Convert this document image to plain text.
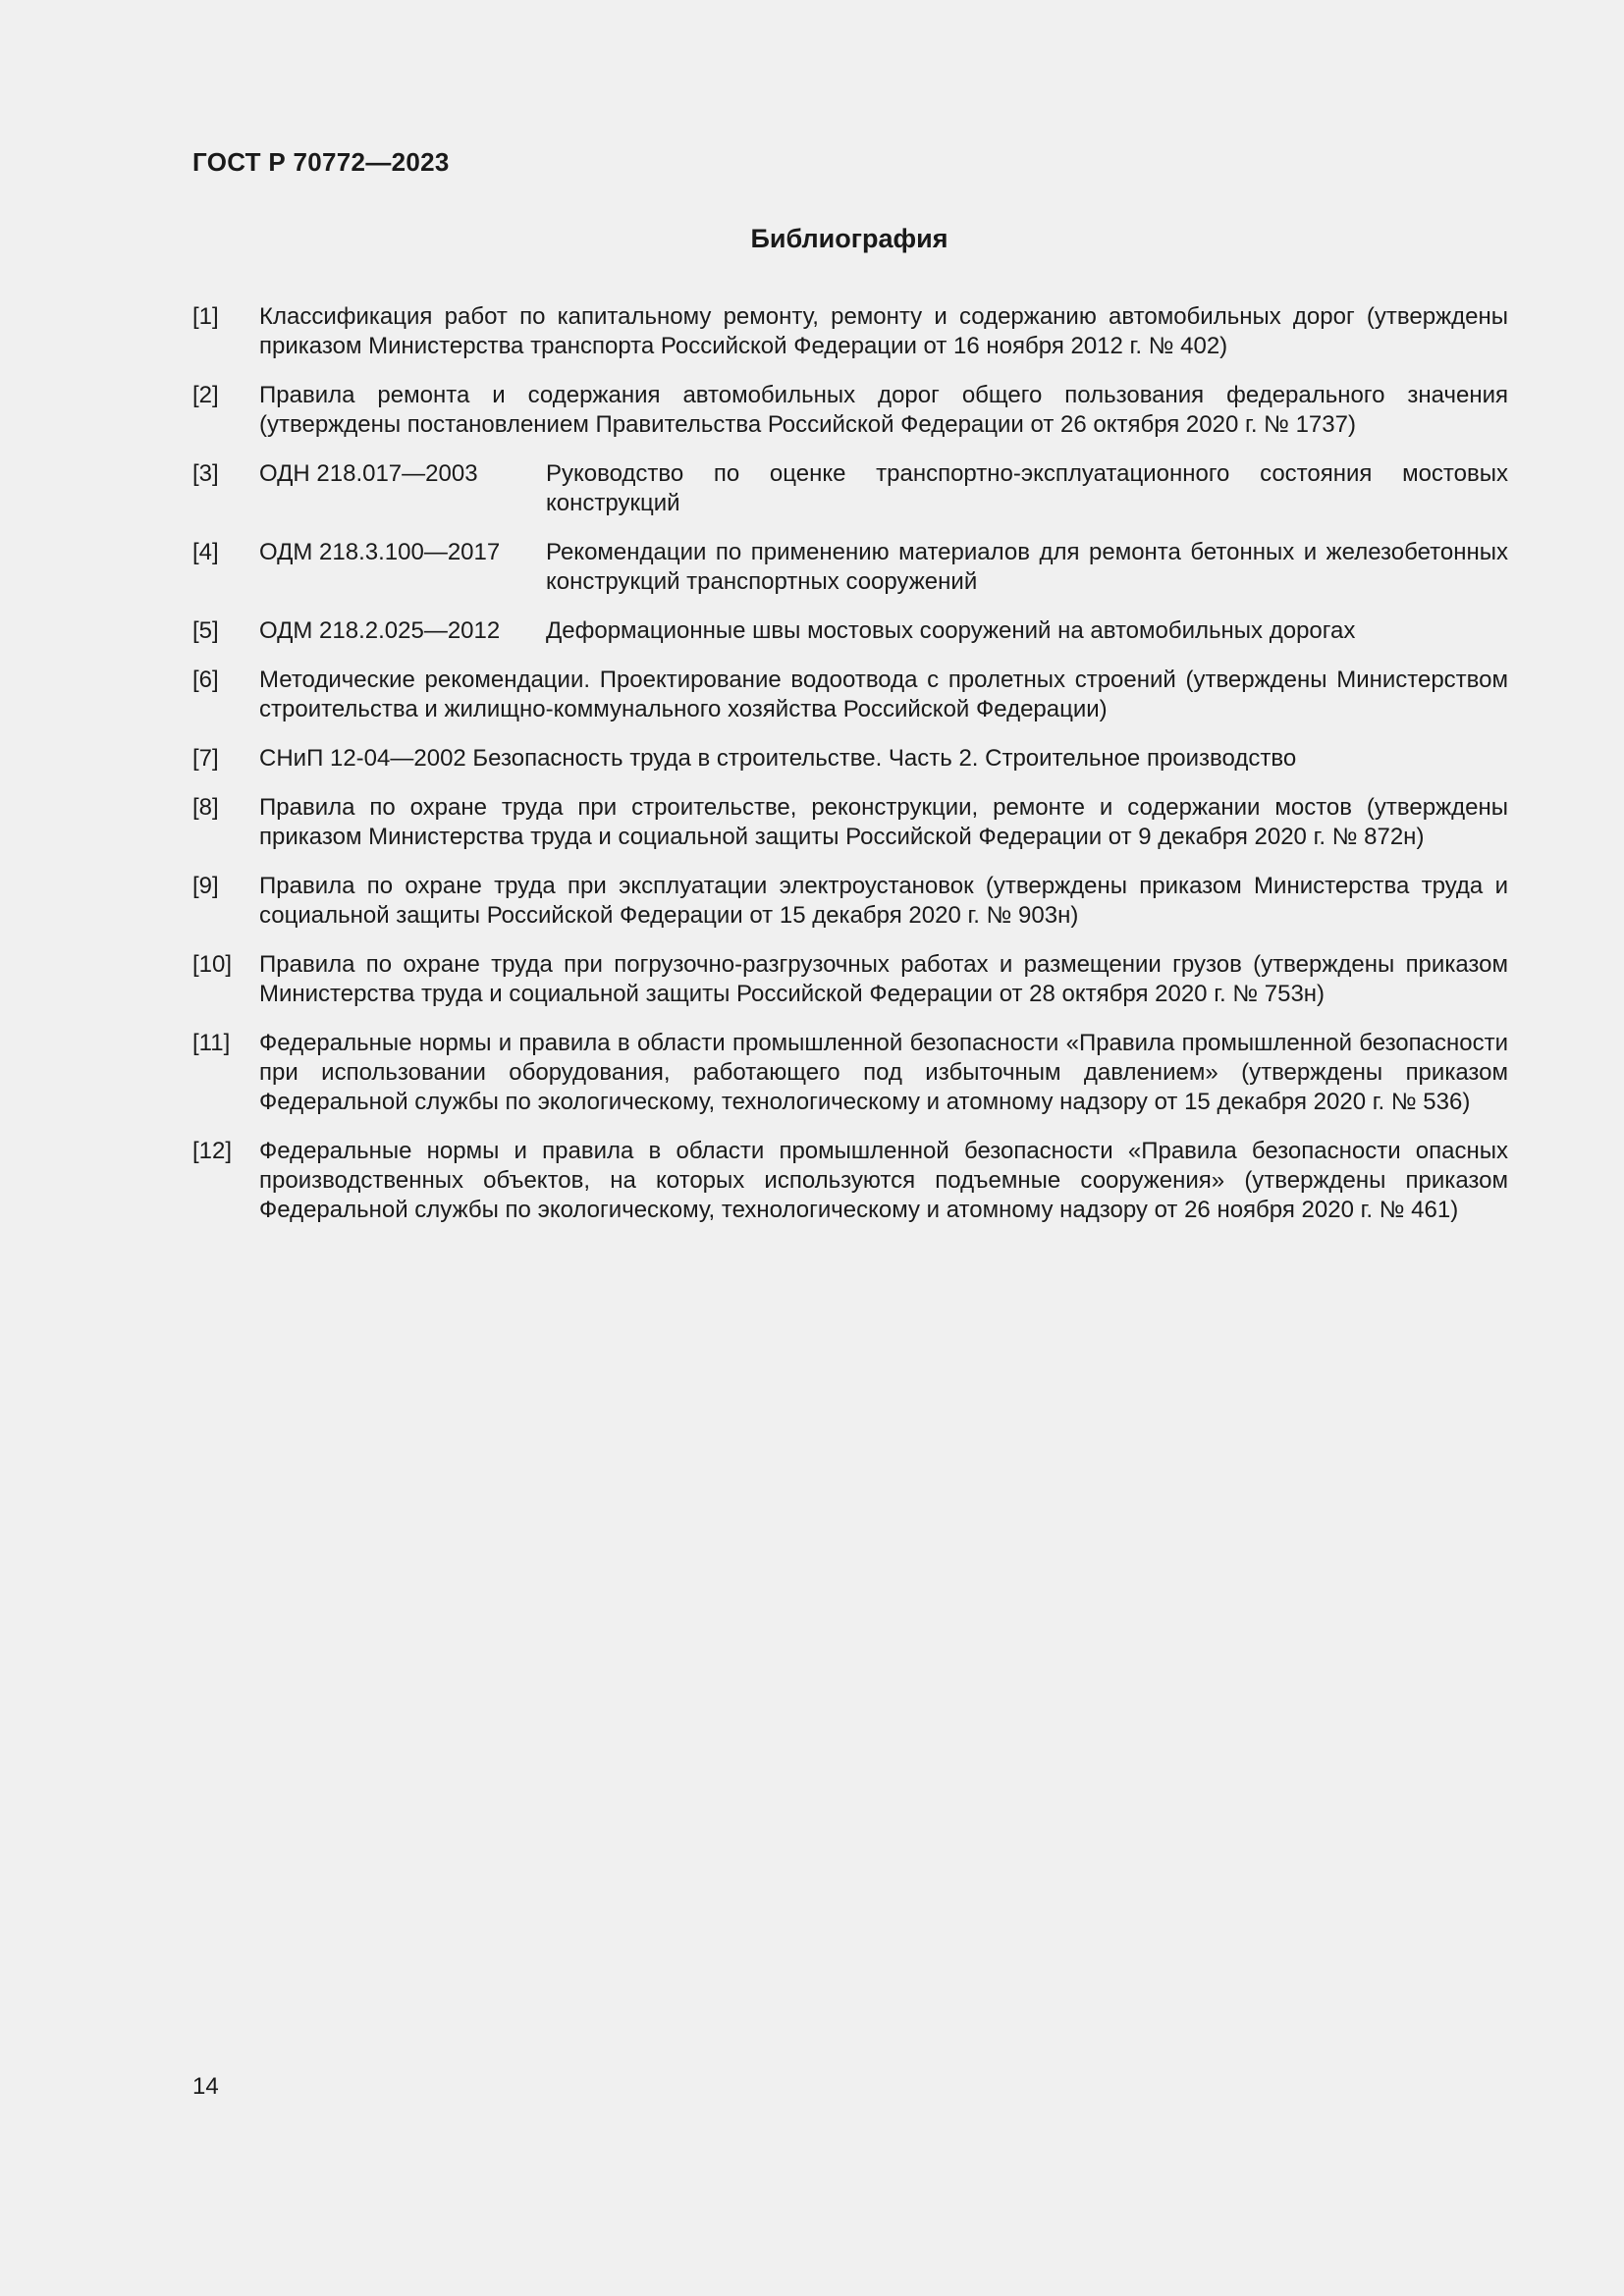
ГОСТ Р 70772—2023
Библиография
[1]	Классификация работ по капитальному ремонту, ремонту и содержанию автомобильных дорог (утверждены приказом Министерства транспорта Российской Федерации от 16 ноября 2012 г. № 402)
[2]	Правила ремонта и содержания автомобильных дорог общего пользования федерального значения (утверждены постановлением Правительства Российской Федерации от 26 октября 2020 г. № 1737)
[3]	ОДН 218.017—2003	Руководство по оценке транспортно-эксплуатационного состояния мостовых конструкций
[4]	ОДМ 218.3.100—2017	Рекомендации по применению материалов для ремонта бетонных и железобетонных конструкций транспортных сооружений
[5]	ОДМ 218.2.025—2012	Деформационные швы мостовых сооружений на автомобильных дорогах
[6]	Методические рекомендации. Проектирование водоотвода с пролетных строений (утверждены Министерством строительства и жилищно-коммунального хозяйства Российской Федерации)
[7]	СНиП 12-04—2002 Безопасность труда в строительстве. Часть 2. Строительное производство
[8]	Правила по охране труда при строительстве, реконструкции, ремонте и содержании мостов (утверждены приказом Министерства труда и социальной защиты Российской Федерации от 9 декабря 2020 г. № 872н)
[9]	Правила по охране труда при эксплуатации электроустановок (утверждены приказом Министерства труда и социальной защиты Российской Федерации от 15 декабря 2020 г. № 903н)
[10]	Правила по охране труда при погрузочно-разгрузочных работах и размещении грузов (утверждены приказом Министерства труда и социальной защиты Российской Федерации от 28 октября 2020 г. № 753н)
[11]	Федеральные нормы и правила в области промышленной безопасности «Правила промышленной безопасности при использовании оборудования, работающего под избыточным давлением» (утверждены приказом Федеральной службы по экологическому, технологическому и атомному надзору от 15 декабря 2020 г. № 536)
[12]	Федеральные нормы и правила в области промышленной безопасности «Правила безопасности опасных производственных объектов, на которых используются подъемные сооружения» (утверждены приказом Федеральной службы по экологическому, технологическому и атомному надзору от 26 ноября 2020 г. № 461)
14
